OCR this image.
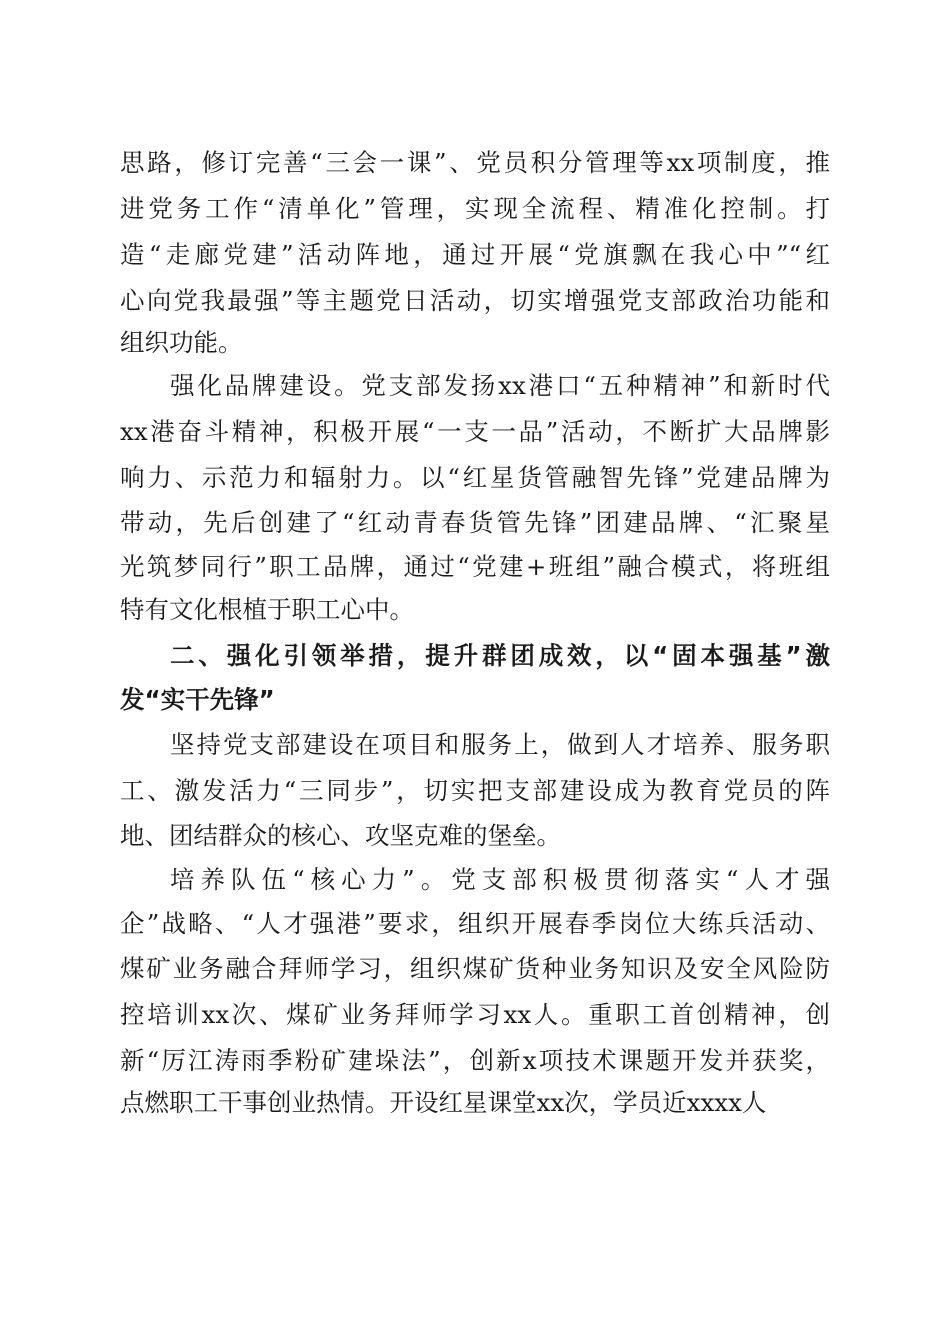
思路，修订完善“三会一课”、党员积分管理等xx项制度，推
进党务工作“清单化”管理，实现全流程、精准化控制。打
造“走廊党建”活动阵地，通过开展“党旗飘在我心中”“红
心向党我最强”等主题党日活动，切实增强党支部政治功能和
组织功能。
强化品牌建设。党支部发扬xx港口“五种精神”和新时代
xx港奋斗精神，积极开展“一支一品”活动，不断扩大品牌影
响力、示范力和辐射力。以“红星货管融智先锋”党建品牌为
带动，先后创建了“红动青春货管先锋”团建品牌、“汇聚星
光筑梦同行”职工品牌，通过“党建+班组”融合模式，将班组
特有文化根植于职工心中。
二、强化引领举措，提升群团成效，以“固本强基”激
发“实干先锋”
坚持党支部建设在项目和服务上，做到人才培养、服务职
工、激发活力“三同步”，切实把支部建设成为教育党员的阵
地、团结群众的核心、攻坚克难的堡垒。
培养队伍“核心力”。党支部积极贯彻落实“人才强
企”战略、“人才强港”要求，组织开展春季岗位大练兵活动、
煤矿业务融合拜师学习，组织煤矿货种业务知识及安全风险防
控培训xx次、煤矿业务拜师学习xx人。重职工首创精神，创
新“厉江涛雨季粉矿建垛法”，创新x项技术课题开发并获奖，
点燃职工干事创业热情。开设红星课堂xx次，学员近xxxx人
